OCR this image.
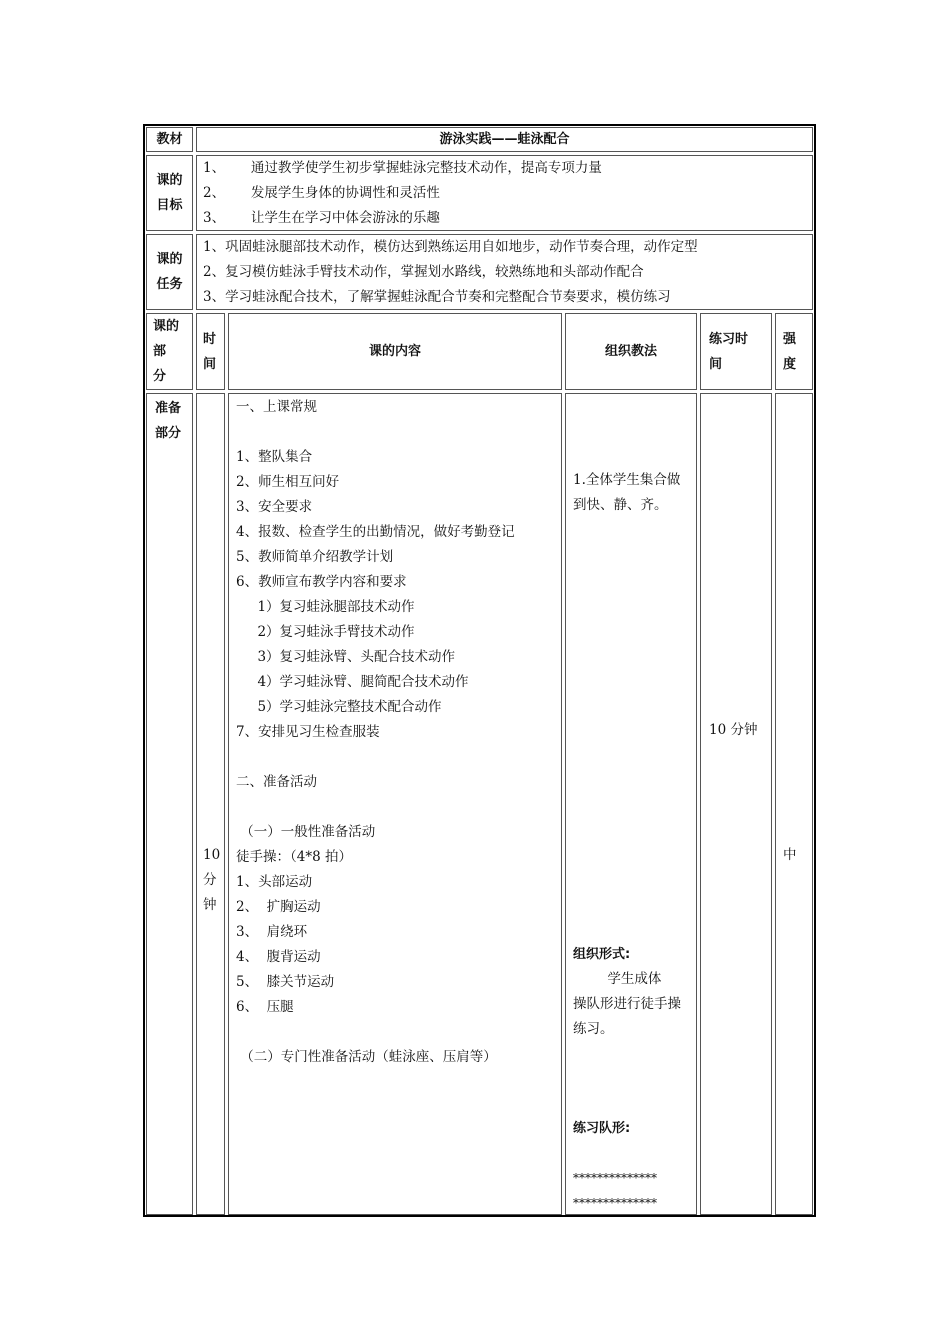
教材	游泳实践——蛙泳配合
课的
目标
1、      通过教学使学生初步掌握蛙泳完整技术动作，提高专项力量
2、      发展学生身体的协调性和灵活性
3、      让学生在学习中体会游泳的乐趣
课的
任务
1、巩固蛙泳腿部技术动作，模仿达到熟练运用自如地步，动作节奏合理，动作定型
2、复习模仿蛙泳手臂技术动作，掌握划水路线，较熟练地和头部动作配合
3、学习蛙泳配合技术，了解掌握蛙泳配合节奏和完整配合节奏要求，模仿练习
课的
部
分
时
间
课的内容	组织教法
练习时
间
强
度
准备
部分
10
分
钟
一、上课常规

1、整队集合
2、师生相互问好
3、安全要求
4、报数、检查学生的出勤情况，做好考勤登记
5、教师简单介绍教学计划
6、教师宣布教学内容和要求
1）复习蛙泳腿部技术动作
2）复习蛙泳手臂技术动作
3）复习蛙泳臂、头配合技术动作
4）学习蛙泳臂、腿简配合技术动作
5）学习蛙泳完整技术配合动作
7、安排见习生检查服装

二、准备活动

（一）一般性准备活动
徒手操：（4*8 拍）
1、头部运动
2、  扩胸运动
3、  肩绕环
4、  腹背运动
5、  膝关节运动
6、  压腿

（二）专门性准备活动（蛙泳座、压肩等）
1.全体学生集合做
到快、静、齐。
组织形式:
学生成体
操队形进行徒手操
练习。
练习队形:
**************
**************
10 分钟
中
